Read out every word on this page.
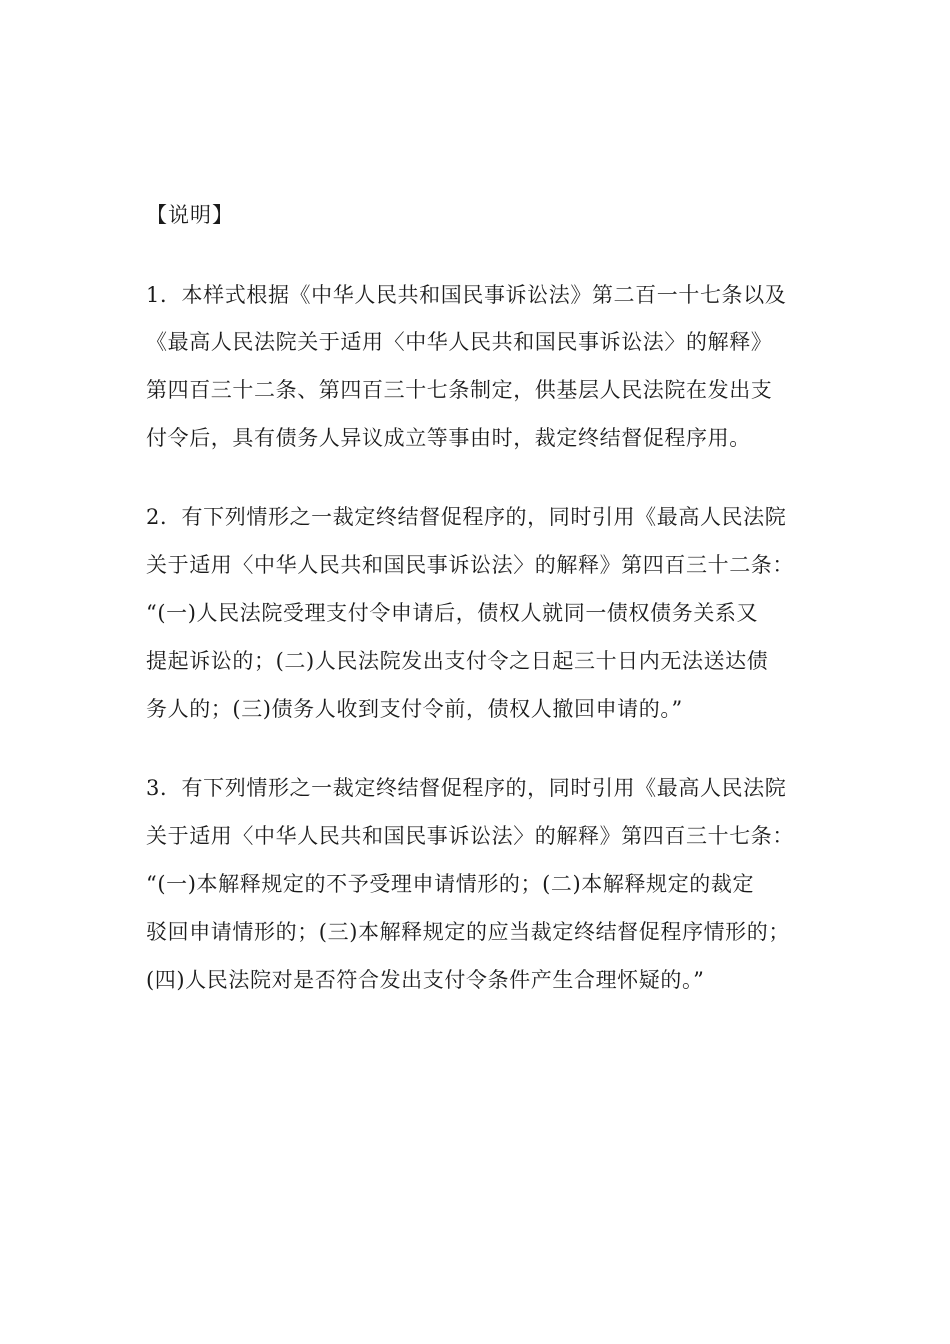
【说明】
1．本样式根据《中华人民共和国民事诉讼法》第二百一十七条以及
《最高人民法院关于适用〈中华人民共和国民事诉讼法〉的解释》
第四百三十二条、第四百三十七条制定，供基层人民法院在发出支
付令后，具有债务人异议成立等事由时，裁定终结督促程序用。
2．有下列情形之一裁定终结督促程序的，同时引用《最高人民法院
关于适用〈中华人民共和国民事诉讼法〉的解释》第四百三十二条：
“(一)人民法院受理支付令申请后，债权人就同一债权债务关系又
提起诉讼的；(二)人民法院发出支付令之日起三十日内无法送达债
务人的；(三)债务人收到支付令前，债权人撤回申请的。”
3．有下列情形之一裁定终结督促程序的，同时引用《最高人民法院
关于适用〈中华人民共和国民事诉讼法〉的解释》第四百三十七条：
“(一)本解释规定的不予受理申请情形的；(二)本解释规定的裁定
驳回申请情形的；(三)本解释规定的应当裁定终结督促程序情形的；
(四)人民法院对是否符合发出支付令条件产生合理怀疑的。”
